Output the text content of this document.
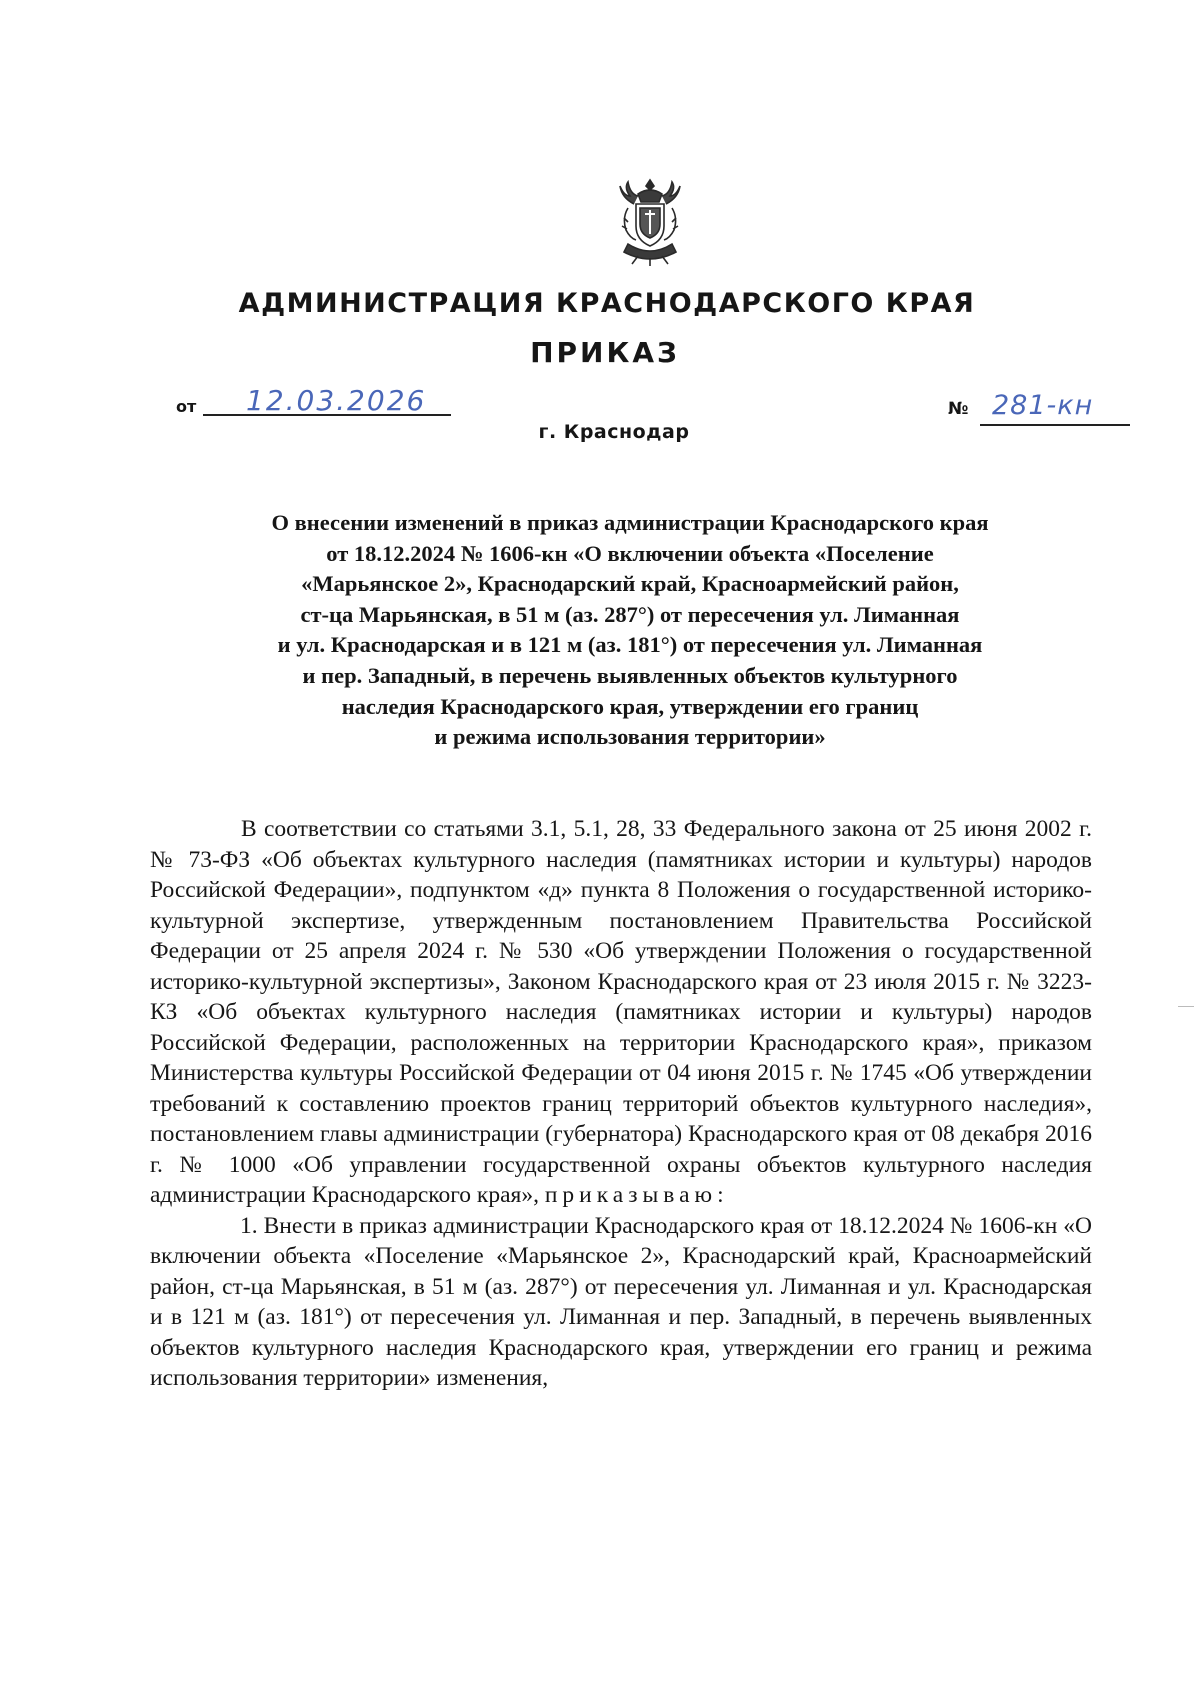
АДМИНИСТРАЦИЯ КРАСНОДАРСКОГО КРАЯ
ПРИКАЗ
от 12.03.2026	№ 281-кн
г. Краснодар
О внесении изменений в приказ администрации Краснодарского края
от 18.12.2024 № 1606-кн «О включении объекта «Поселение
«Марьянское 2», Краснодарский край, Красноармейский район,
ст-ца Марьянская, в 51 м (аз. 287°) от пересечения ул. Лиманная
и ул. Краснодарская и в 121 м (аз. 181°) от пересечения ул. Лиманная
и пер. Западный, в перечень выявленных объектов культурного
наследия Краснодарского края, утверждении его границ
и режима использования территории»

В соответствии со статьями 3.1, 5.1, 28, 33 Федерального закона от 25 июня 2002 г. № 73-ФЗ «Об объектах культурного наследия (памятниках истории и культуры) народов Российской Федерации», подпунктом «д» пункта 8 Положения о государственной историко-культурной экспертизе, утвержденным постановлением Правительства Российской Федерации от 25 апреля 2024 г. № 530 «Об утверждении Положения о государственной историко-культурной экспертизы», Законом Краснодарского края от 23 июля 2015 г. № 3223-КЗ «Об объектах культурного наследия (памятниках истории и культуры) народов Российской Федерации, расположенных на территории Краснодарского края», приказом Министерства культуры Российской Федерации от 04 июня 2015 г. № 1745 «Об утверждении требований к составлению проектов границ территорий объектов культурного наследия», постановлением главы администрации (губернатора) Краснодарского края от 08 декабря 2016 г. № 1000 «Об управлении государственной охраны объектов культурного наследия администрации Краснодарского края», приказываю:

1. Внести в приказ администрации Краснодарского края от 18.12.2024 № 1606-кн «О включении объекта «Поселение «Марьянское 2», Краснодарский край, Красноармейский район, ст-ца Марьянская, в 51 м (аз. 287°) от пересечения ул. Лиманная и ул. Краснодарская и в 121 м (аз. 181°) от пересечения ул. Лиманная и пер. Западный, в перечень выявленных объектов культурного наследия Краснодарского края, утверждении его границ и режима использования территории» изменения,
